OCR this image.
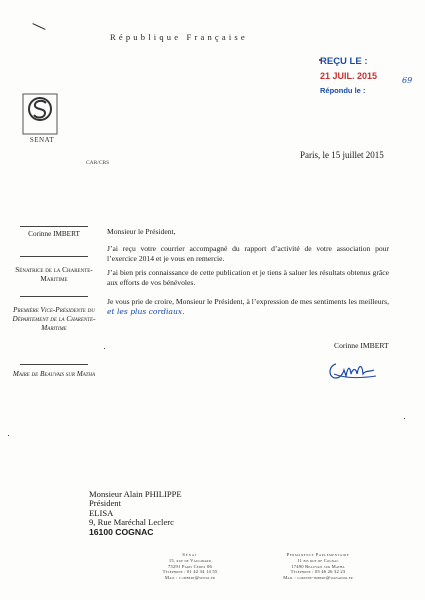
République Française
REÇU LE :
21 JUIL. 2015
Répondu le :
69
SENAT
CAR/CRS
Paris, le 15 juillet 2015
Corinne IMBERT
Sénatrice de la Charente-Maritime
Première Vice-Présidente du Département de la Charente-Maritime
Maire de Beauvais sur Matha
Monsieur le Président,
J’ai reçu votre courrier accompagné du rapport d’activité de votre association pour l’exercice 2014 et je vous en remercie.
J’ai bien pris connaissance de cette publication et je tiens à saluer les résultats obtenus grâce aux efforts de vos bénévoles.
Je vous prie de croire, Monsieur le Président, à l’expression de mes sentiments les meilleurs, et les plus cordiaux.
Corinne IMBERT
Monsieur Alain PHILIPPE
Président
ELISA
9, Rue Maréchal Leclerc
16100 COGNAC
Sénat
15, rue de Vaugirard
75291 Paris Cedex 06
Téléphone : 01 42 34 14 55
Mail : c.imbert@senat.fr
Permanence Parlementaire
11 bis rue de Cognac
17490 Beauvais sur Matha
Téléphone : 05 46 26 32 23
Mail : corinne-imbert@wanadoo.fr
